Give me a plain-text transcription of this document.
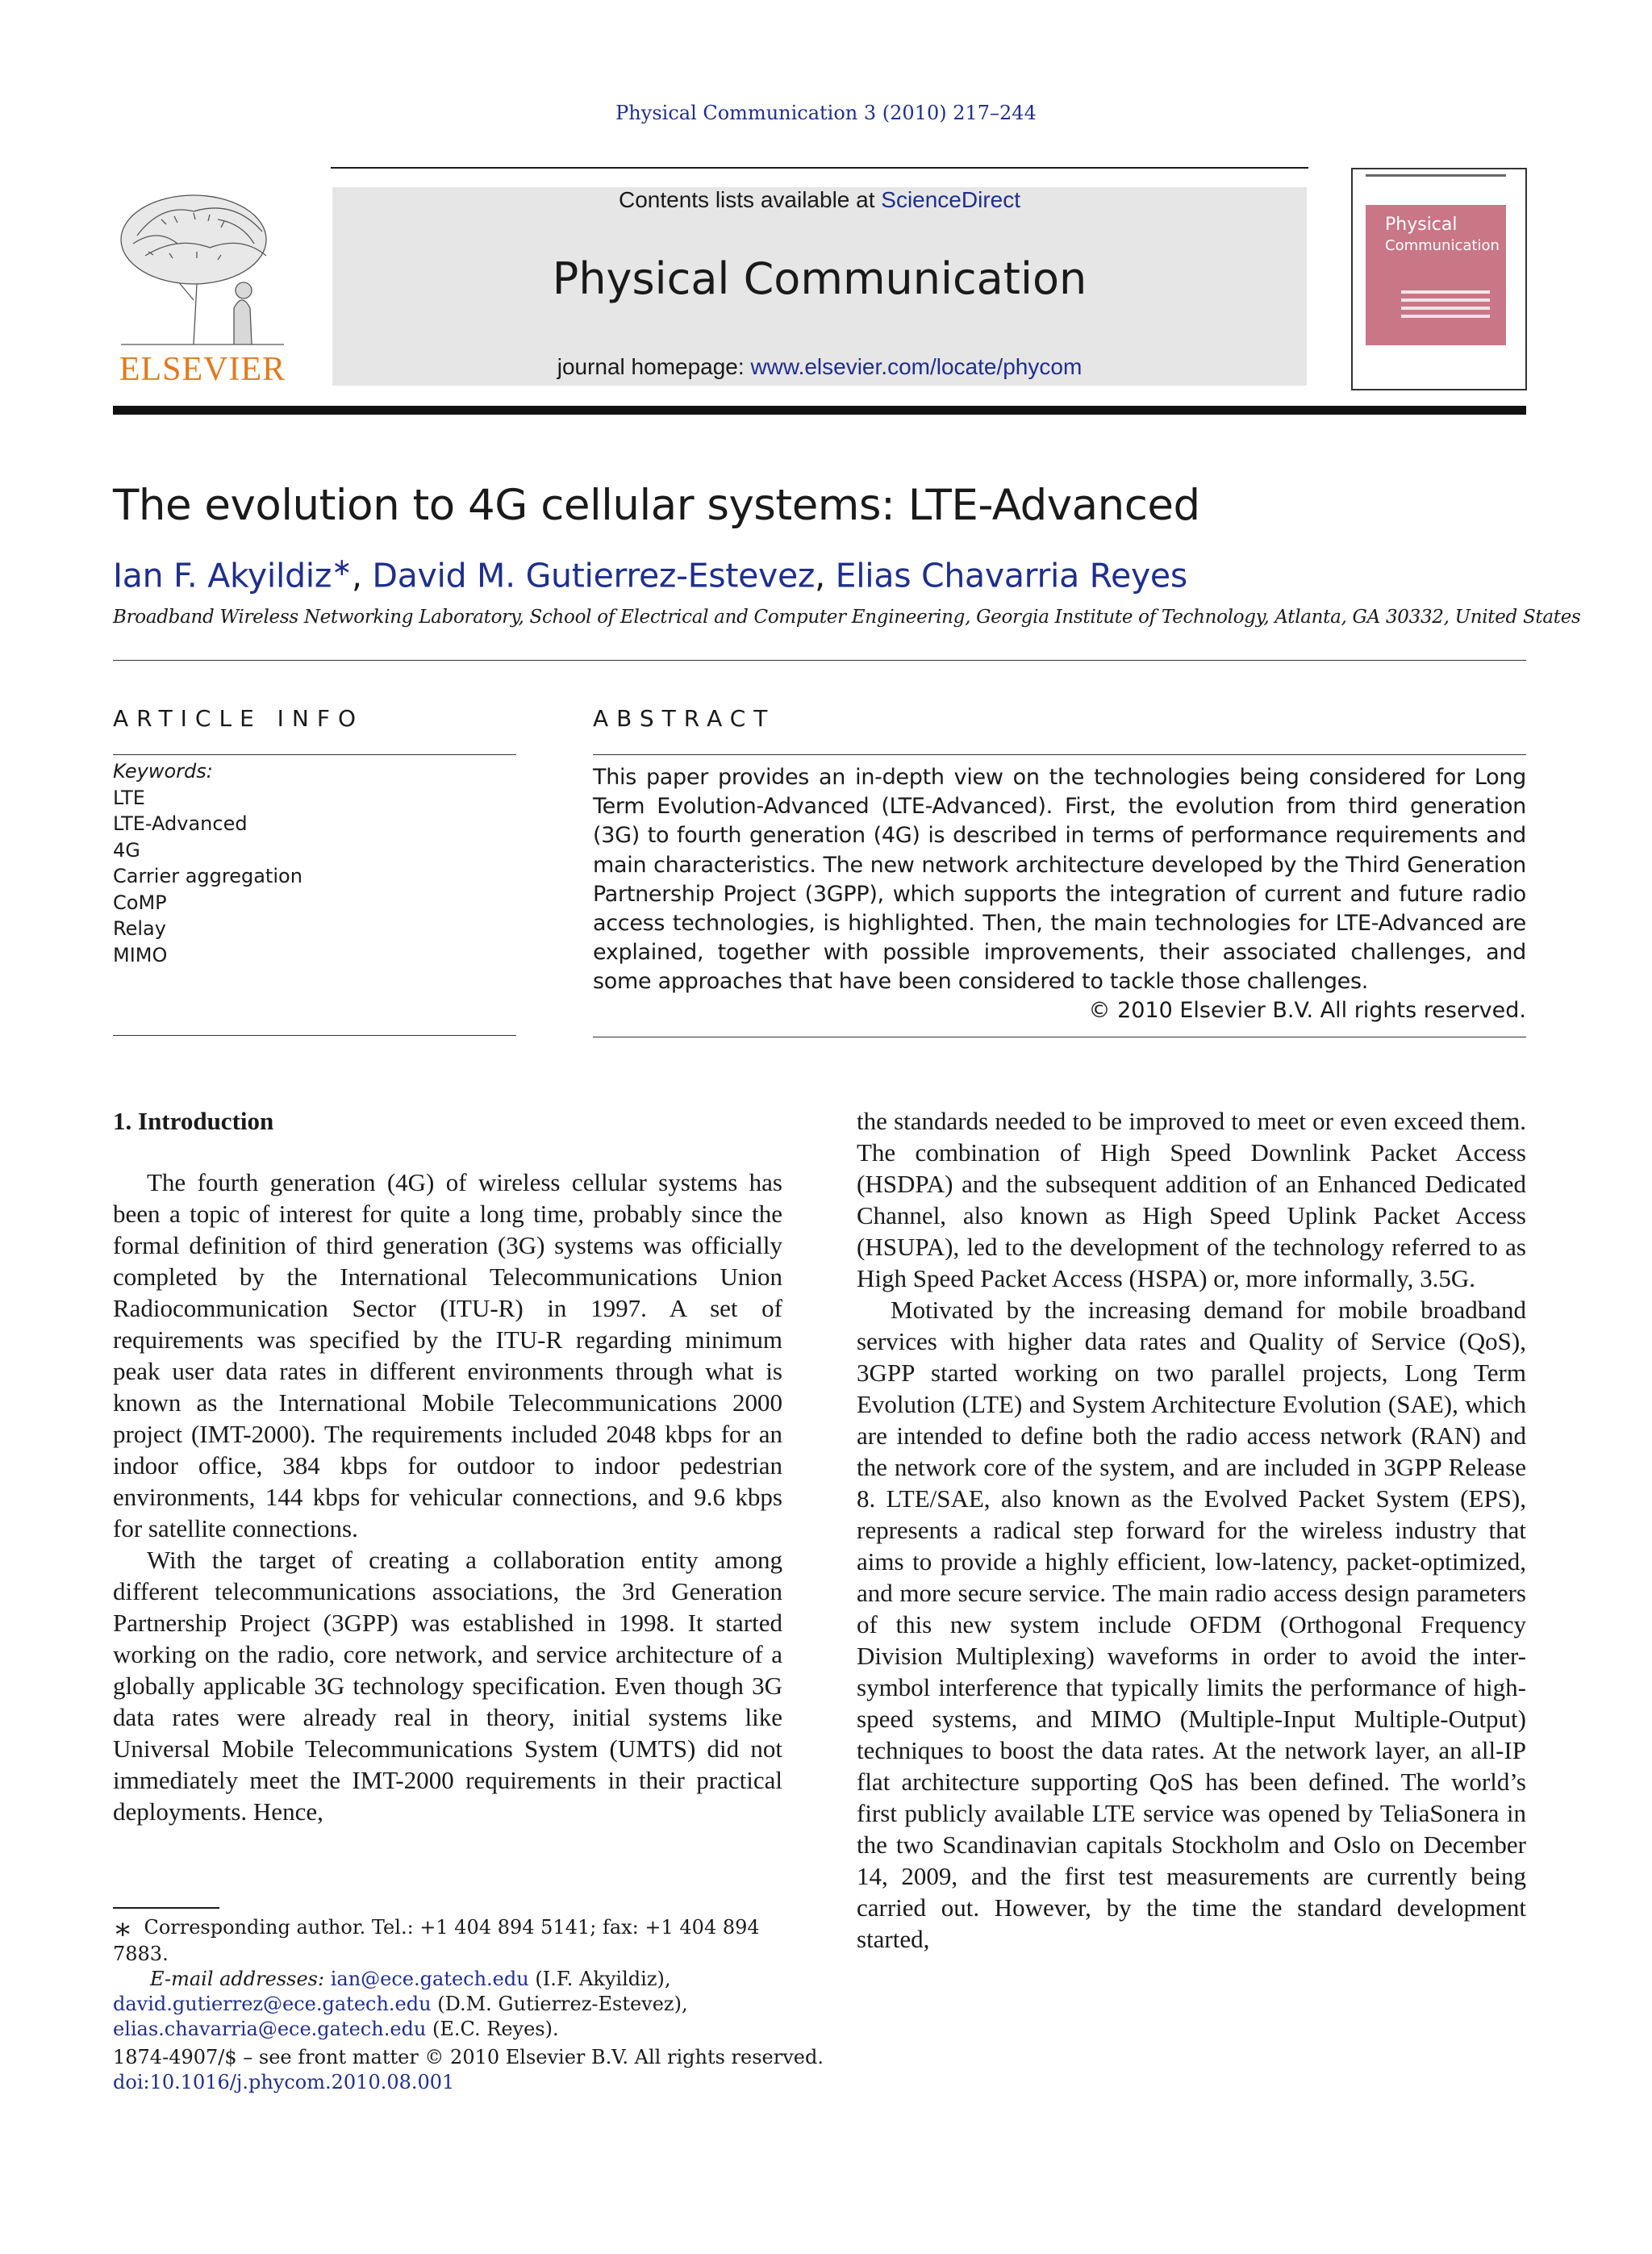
Physical Communication 3 (2010) 217–244
ELSEVIER
Contents lists available at ScienceDirect
Physical Communication
journal homepage: www.elsevier.com/locate/phycom
Physical
Communication
The evolution to 4G cellular systems: LTE-Advanced
Ian F. Akyildiz∗, David M. Gutierrez-Estevez, Elias Chavarria Reyes
Broadband Wireless Networking Laboratory, School of Electrical and Computer Engineering, Georgia Institute of Technology, Atlanta, GA 30332, United States
ARTICLE INFO
Keywords:
LTE
LTE-Advanced
4G
Carrier aggregation
CoMP
Relay
MIMO
ABSTRACT
This paper provides an in-depth view on the technologies being considered for Long Term Evolution-Advanced (LTE-Advanced). First, the evolution from third generation (3G) to fourth generation (4G) is described in terms of performance requirements and main characteristics. The new network architecture developed by the Third Generation Partnership Project (3GPP), which supports the integration of current and future radio access technologies, is highlighted. Then, the main technologies for LTE-Advanced are explained, together with possible improvements, their associated challenges, and some approaches that have been considered to tackle those challenges.
© 2010 Elsevier B.V. All rights reserved.

1. Introduction

The fourth generation (4G) of wireless cellular systems has been a topic of interest for quite a long time, probably since the formal definition of third generation (3G) systems was officially completed by the International Telecommunications Union Radiocommunication Sector (ITU-R) in 1997. A set of requirements was specified by the ITU-R regarding minimum peak user data rates in different environments through what is known as the International Mobile Telecommunications 2000 project (IMT-2000). The requirements included 2048 kbps for an indoor office, 384 kbps for outdoor to indoor pedestrian environments, 144 kbps for vehicular connections, and 9.6 kbps for satellite connections.

With the target of creating a collaboration entity among different telecommunications associations, the 3rd Generation Partnership Project (3GPP) was established in 1998. It started working on the radio, core network, and service architecture of a globally applicable 3G technology specification. Even though 3G data rates were already real in theory, initial systems like Universal Mobile Telecommunications System (UMTS) did not immediately meet the IMT-2000 requirements in their practical deployments. Hence,

the standards needed to be improved to meet or even exceed them. The combination of High Speed Downlink Packet Access (HSDPA) and the subsequent addition of an Enhanced Dedicated Channel, also known as High Speed Uplink Packet Access (HSUPA), led to the development of the technology referred to as High Speed Packet Access (HSPA) or, more informally, 3.5G.

Motivated by the increasing demand for mobile broadband services with higher data rates and Quality of Service (QoS), 3GPP started working on two parallel projects, Long Term Evolution (LTE) and System Architecture Evolution (SAE), which are intended to define both the radio access network (RAN) and the network core of the system, and are included in 3GPP Release 8. LTE/SAE, also known as the Evolved Packet System (EPS), represents a radical step forward for the wireless industry that aims to provide a highly efficient, low-latency, packet-optimized, and more secure service. The main radio access design parameters of this new system include OFDM (Orthogonal Frequency Division Multiplexing) waveforms in order to avoid the inter-symbol interference that typically limits the performance of high-speed systems, and MIMO (Multiple-Input Multiple-Output) techniques to boost the data rates. At the network layer, an all-IP flat architecture supporting QoS has been defined. The world’s first publicly available LTE service was opened by TeliaSonera in the two Scandinavian capitals Stockholm and Oslo on December 14, 2009, and the first test measurements are currently being carried out. However, by the time the standard development started,

∗ Corresponding author. Tel.: +1 404 894 5141; fax: +1 404 894 7883.
E-mail addresses: ian@ece.gatech.edu (I.F. Akyildiz),
david.gutierrez@ece.gatech.edu (D.M. Gutierrez-Estevez),
elias.chavarria@ece.gatech.edu (E.C. Reyes).
1874-4907/$ – see front matter © 2010 Elsevier B.V. All rights reserved.
doi:10.1016/j.phycom.2010.08.001
